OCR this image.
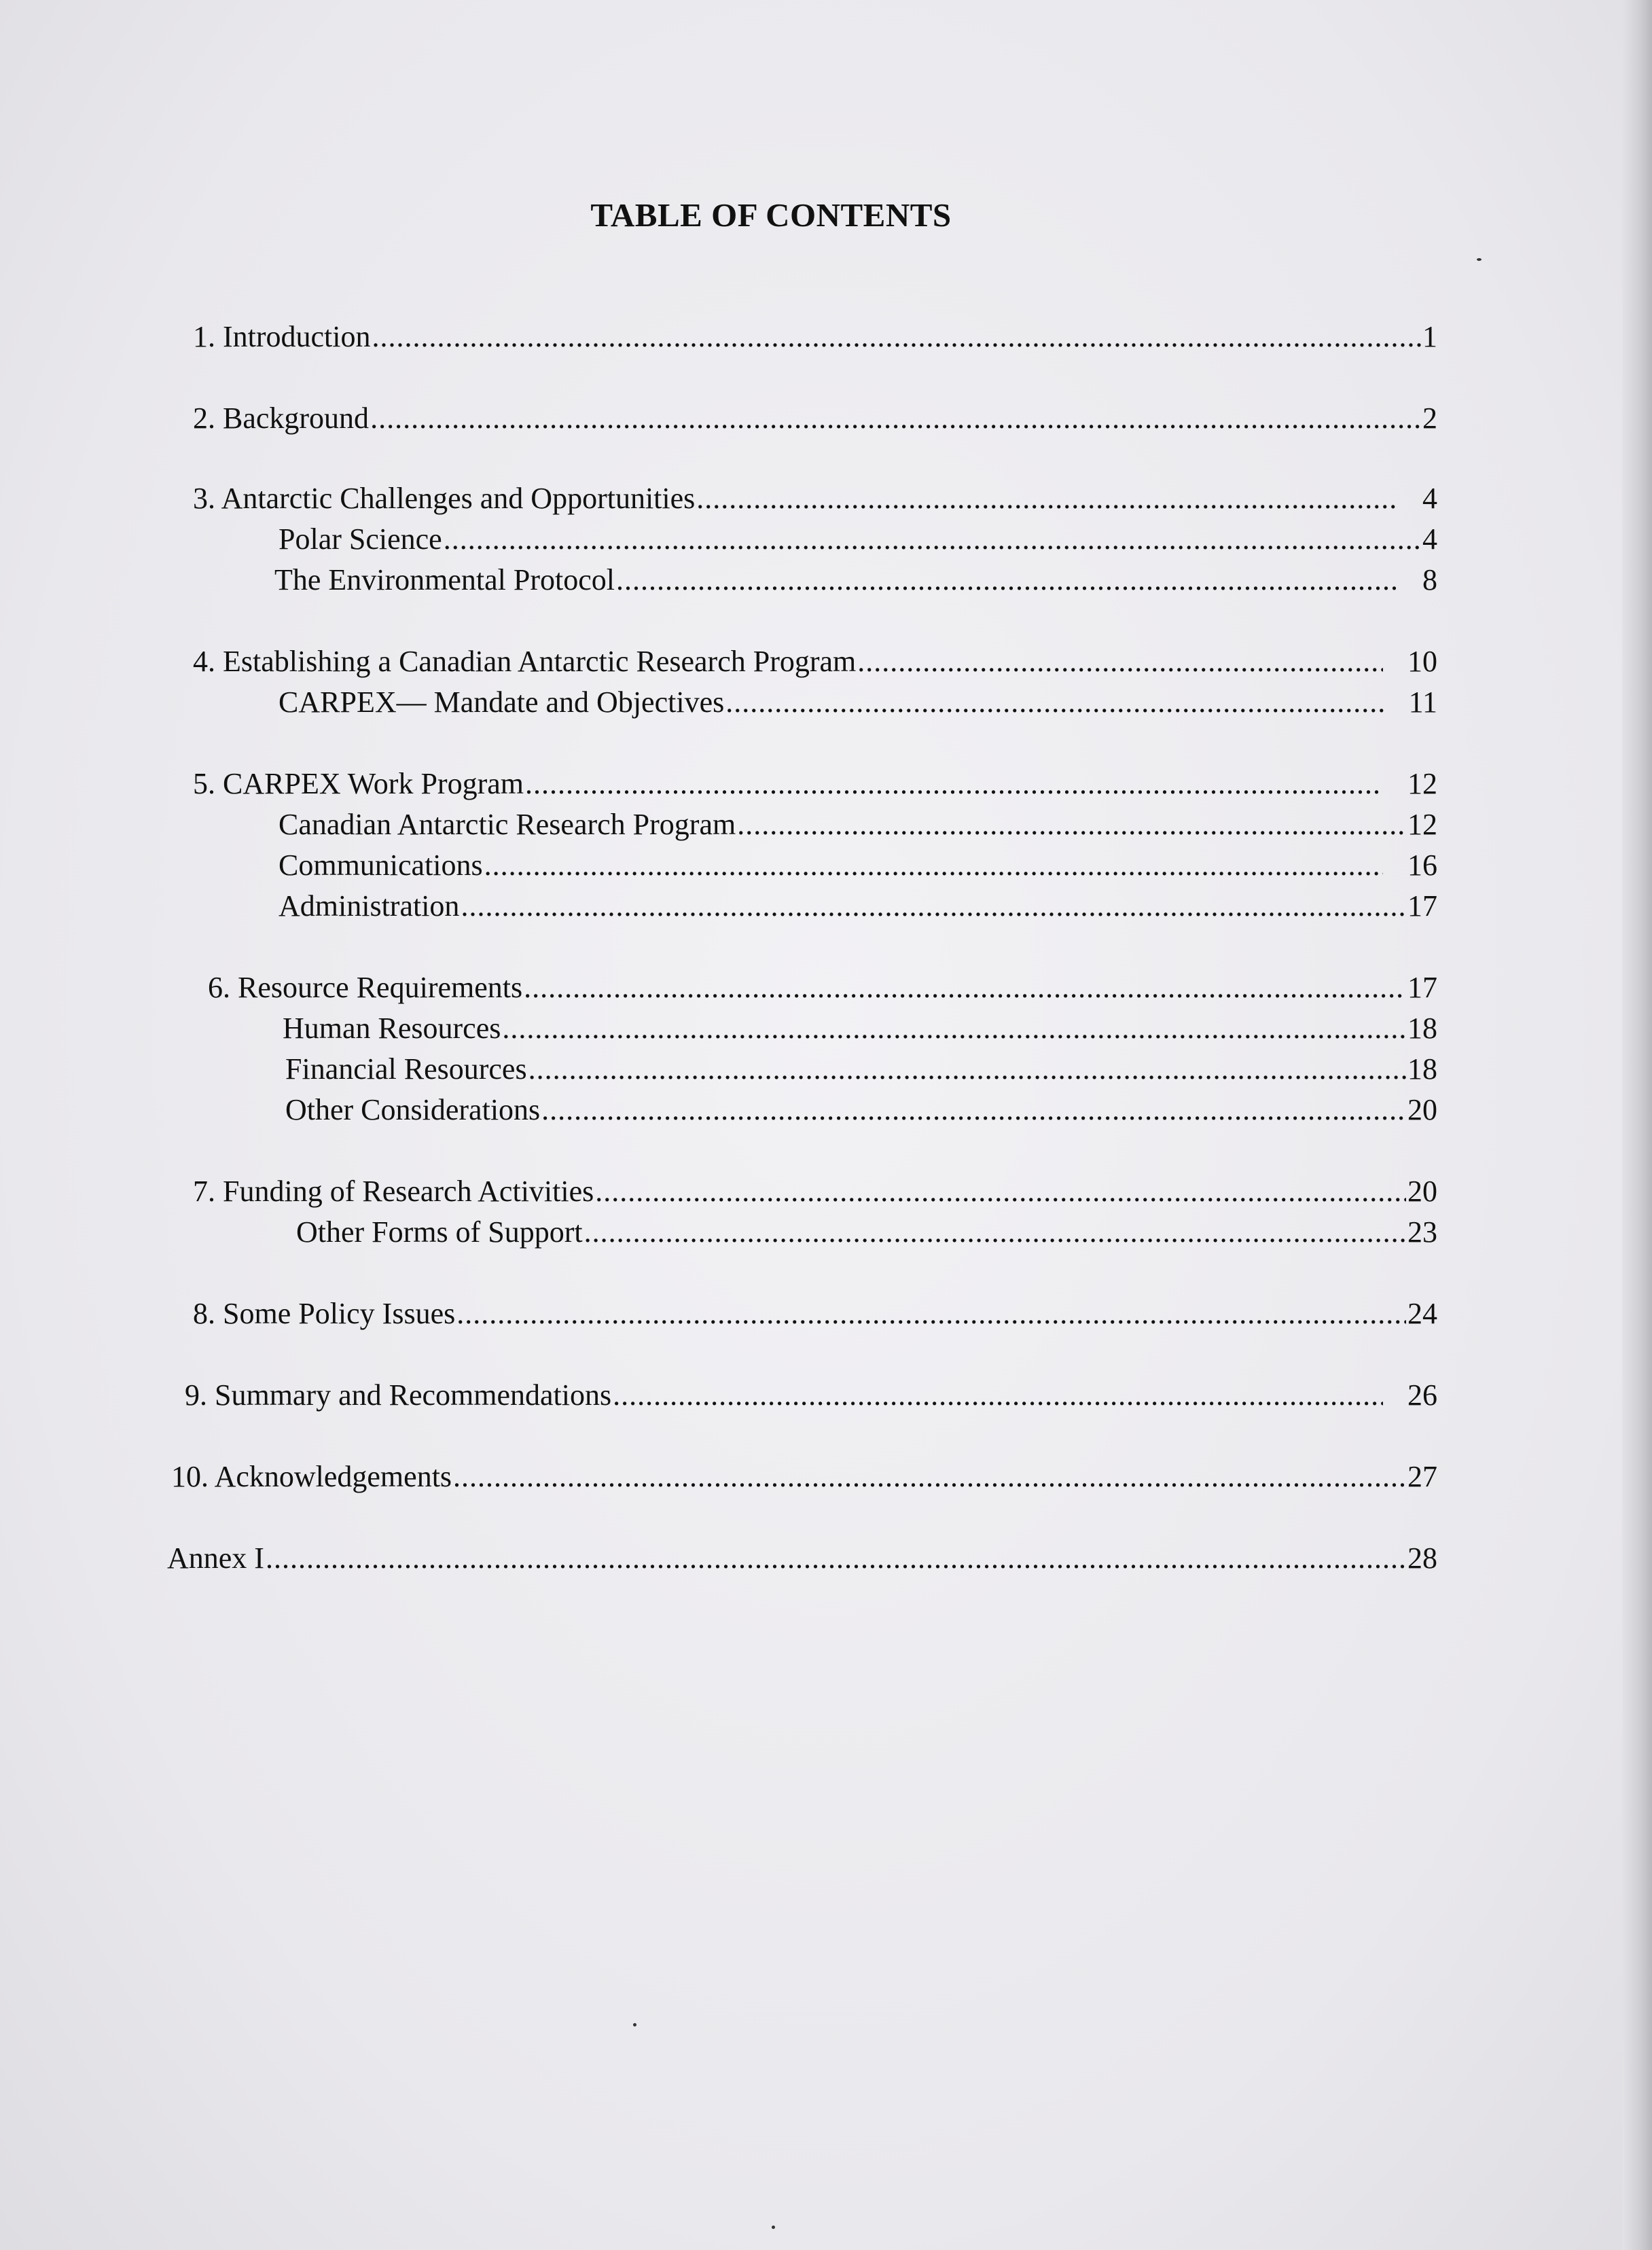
TABLE OF CONTENTS
1. Introduction .....	1
2. Background .....	2
3. Antarctic Challenges and Opportunities .....	4
Polar Science .....	4
The Environmental Protocol .....	8
4. Establishing a Canadian Antarctic Research Program .....	10
CARPEX— Mandate and Objectives .....	11
5. CARPEX Work Program .....	12
Canadian Antarctic Research Program .....	12
Communications .....	16
Administration .....	17
6. Resource Requirements .....	17
Human Resources .....	18
Financial Resources .....	18
Other Considerations .....	20
7. Funding of Research Activities .....	20
Other Forms of Support .....	23
8. Some Policy Issues .....	24
9. Summary and Recommendations .....	26
10. Acknowledgements .....	27
Annex I .....	28
